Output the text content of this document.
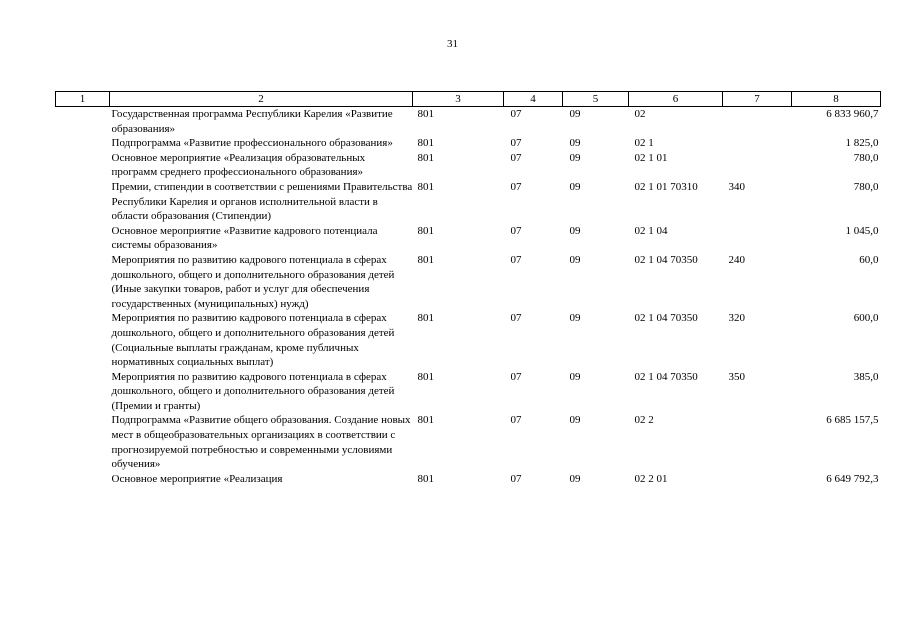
31
1	2	3	4	5	6	7	8
	Государственная программа Республики Карелия «Развитие образования»	801	07	09	02		6 833 960,7
	Подпрограмма «Развитие профессионального образования»	801	07	09	02 1		1 825,0
	Основное мероприятие «Реализация образовательных программ среднего профессионального образования»	801	07	09	02 1 01		780,0
	Премии, стипендии в соответствии с решениями Правительства Республики Карелия и органов исполнительной власти в области образования (Стипендии)	801	07	09	02 1 01 70310	340	780,0
	Основное мероприятие «Развитие кадрового потенциала системы образования»	801	07	09	02 1 04		1 045,0
	Мероприятия по развитию кадрового потенциала в сферах дошкольного, общего и дополнительного образования детей (Иные закупки товаров, работ и услуг для обеспечения государственных (муниципальных) нужд)	801	07	09	02 1 04 70350	240	60,0
	Мероприятия по развитию кадрового потенциала в сферах дошкольного, общего и дополнительного образования детей (Социальные выплаты гражданам, кроме публичных нормативных социальных выплат)	801	07	09	02 1 04 70350	320	600,0
	Мероприятия по развитию кадрового потенциала в сферах дошкольного, общего и дополнительного образования детей (Премии и гранты)	801	07	09	02 1 04 70350	350	385,0
	Подпрограмма «Развитие общего образования. Создание новых мест в общеобразовательных организациях в соответствии с прогнозируемой потребностью и современными условиями обучения»	801	07	09	02 2		6 685 157,5
	Основное мероприятие «Реализация	801	07	09	02 2 01		6 649 792,3
